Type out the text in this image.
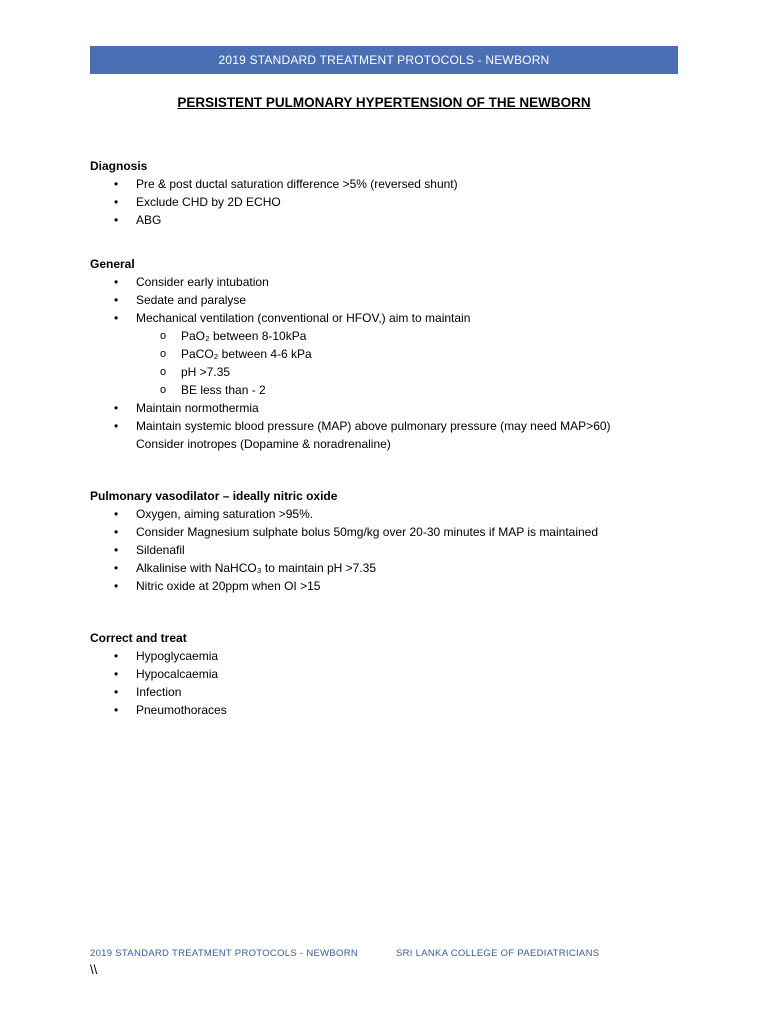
2019 STANDARD TREATMENT PROTOCOLS - NEWBORN
PERSISTENT PULMONARY HYPERTENSION OF THE NEWBORN
Diagnosis
• Pre & post ductal saturation difference >5% (reversed shunt)
• Exclude CHD by 2D ECHO
• ABG
General
• Consider early intubation
• Sedate and paralyse
• Mechanical ventilation (conventional or HFOV,) aim to maintain
o PaO₂ between 8-10kPa
o PaCO₂ between 4-6 kPa
o pH >7.35
o BE less than - 2
• Maintain normothermia
• Maintain systemic blood pressure (MAP) above pulmonary pressure (may need MAP>60)
Consider inotropes (Dopamine & noradrenaline)
Pulmonary vasodilator – ideally nitric oxide
• Oxygen, aiming saturation >95%.
• Consider Magnesium sulphate bolus 50mg/kg over 20-30 minutes if MAP is maintained
• Sildenafil
• Alkalinise with NaHCO₃ to maintain pH >7.35
• Nitric oxide at 20ppm when OI >15
Correct and treat
• Hypoglycaemia
• Hypocalcaemia
• Infection
• Pneumothoraces
2019 STANDARD TREATMENT PROTOCOLS - NEWBORN	SRI LANKA COLLEGE OF PAEDIATRICIANS
\\
